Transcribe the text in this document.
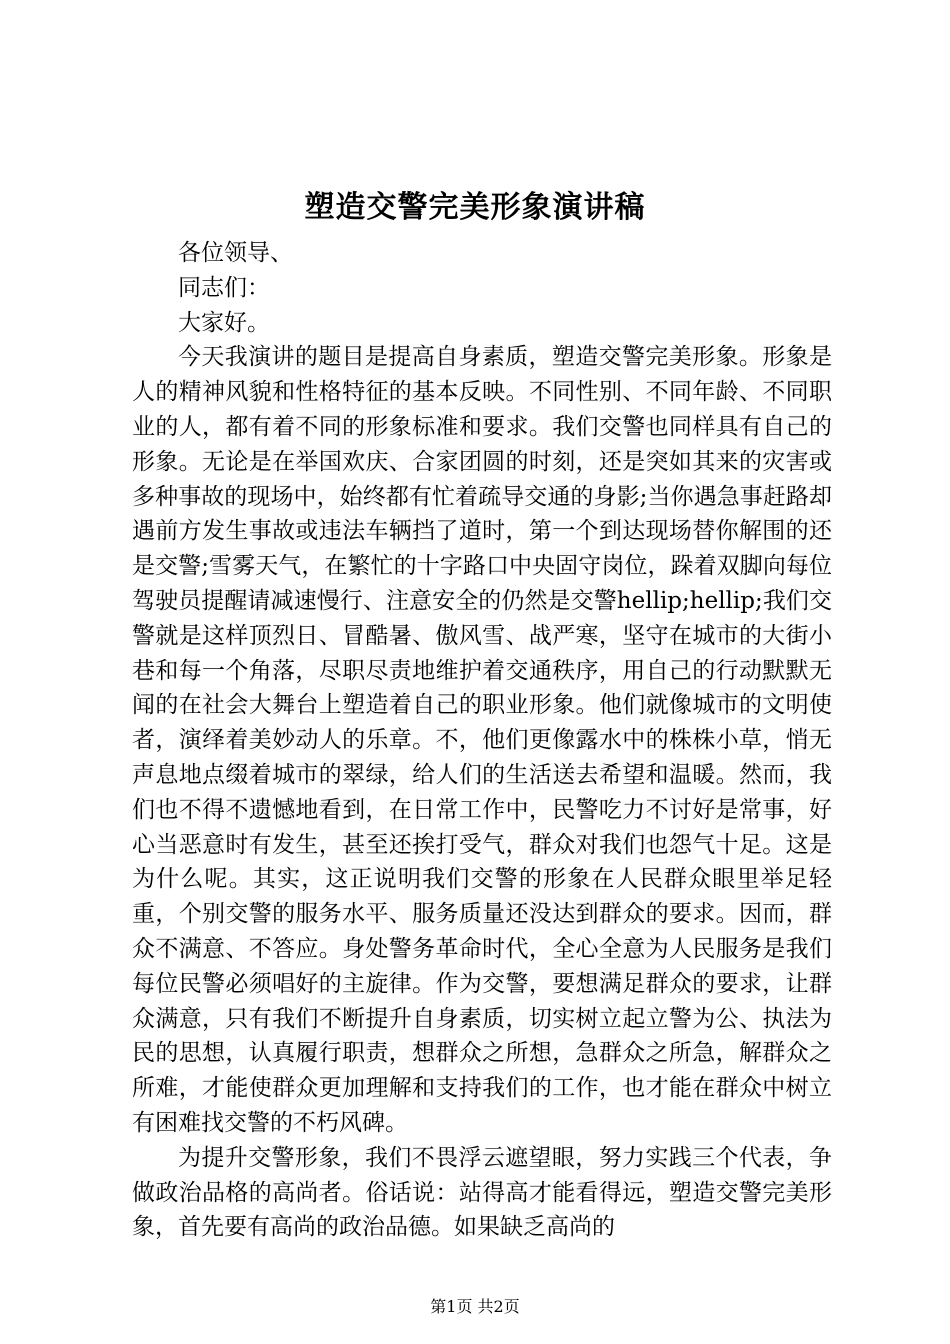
塑造交警完美形象演讲稿

各位领导、

同志们：

大家好。

今天我演讲的题目是提高自身素质，塑造交警完美形象。形象是人的精神风貌和性格特征的基本反映。不同性别、不同年龄、不同职业的人，都有着不同的形象标准和要求。我们交警也同样具有自己的形象。无论是在举国欢庆、合家团圆的时刻，还是突如其来的灾害或多种事故的现场中，始终都有忙着疏导交通的身影;当你遇急事赶路却遇前方发生事故或违法车辆挡了道时，第一个到达现场替你解围的还是交警;雪雾天气，在繁忙的十字路口中央固守岗位，跺着双脚向每位驾驶员提醒请减速慢行、注意安全的仍然是交警hellip;hellip;我们交警就是这样顶烈日、冒酷暑、傲风雪、战严寒，坚守在城市的大街小巷和每一个角落，尽职尽责地维护着交通秩序，用自己的行动默默无闻的在社会大舞台上塑造着自己的职业形象。他们就像城市的文明使者，演绎着美妙动人的乐章。不，他们更像露水中的株株小草，悄无声息地点缀着城市的翠绿，给人们的生活送去希望和温暖。然而，我们也不得不遗憾地看到，在日常工作中，民警吃力不讨好是常事，好心当恶意时有发生，甚至还挨打受气，群众对我们也怨气十足。这是为什么呢。其实，这正说明我们交警的形象在人民群众眼里举足轻重，个别交警的服务水平、服务质量还没达到群众的要求。因而，群众不满意、不答应。身处警务革命时代，全心全意为人民服务是我们每位民警必须唱好的主旋律。作为交警，要想满足群众的要求，让群众满意，只有我们不断提升自身素质，切实树立起立警为公、执法为民的思想，认真履行职责，想群众之所想，急群众之所急，解群众之所难，才能使群众更加理解和支持我们的工作，也才能在群众中树立有困难找交警的不朽风碑。

为提升交警形象，我们不畏浮云遮望眼，努力实践三个代表，争做政治品格的高尚者。俗话说：站得高才能看得远，塑造交警完美形象，首先要有高尚的政治品德。如果缺乏高尚的

第1页 共2页
